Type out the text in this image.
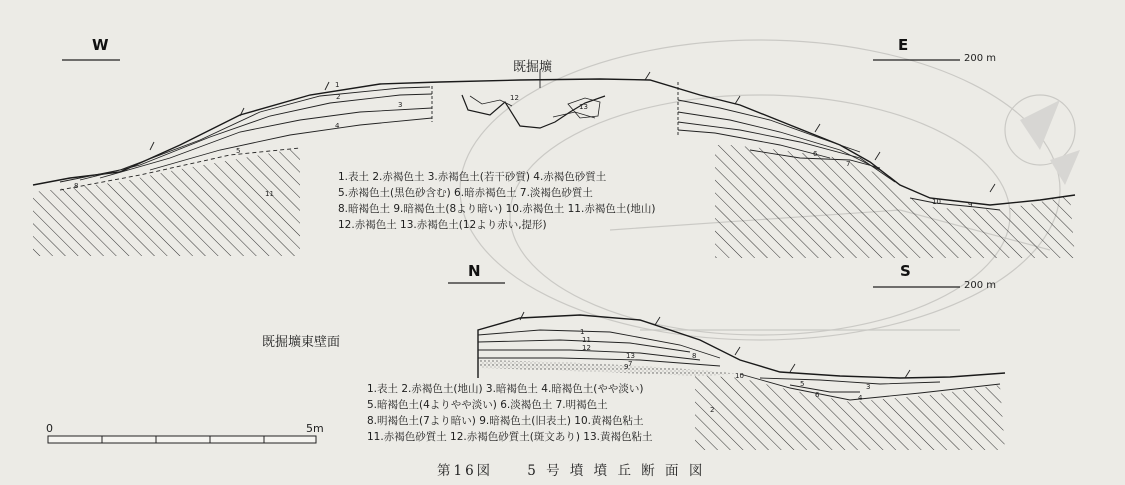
1
2
3
4
5
8
11
12
13
10	9
6
7
1
11
12
13
9
8
10
5	3
6	4
2
7
W	E
200 m
既掘壙
1.表土 2.赤褐色土 3.赤褐色土(若干砂質) 4.赤褐色砂質土
5.赤褐色土(黒色砂含む) 6.暗赤褐色土 7.淡褐色砂質土
8.暗褐色土 9.暗褐色土(8より暗い) 10.赤褐色土 11.赤褐色土(地山)
12.赤褐色土 13.赤褐色土(12より赤い,提形)
N	S
200 m
既掘壙東壁面
1.表土 2.赤褐色土(地山) 3.暗褐色土 4.暗褐色土(やや淡い)
5.暗褐色土(4よりやや淡い) 6.淡褐色土 7.明褐色土
8.明褐色土(7より暗い) 9.暗褐色土(旧表土) 10.黄褐色粘土
11.赤褐色砂質土 12.赤褐色砂質土(斑文あり) 13.黄褐色粘土
0	5m
第16図	5 号 墳 墳 丘 断 面 図
